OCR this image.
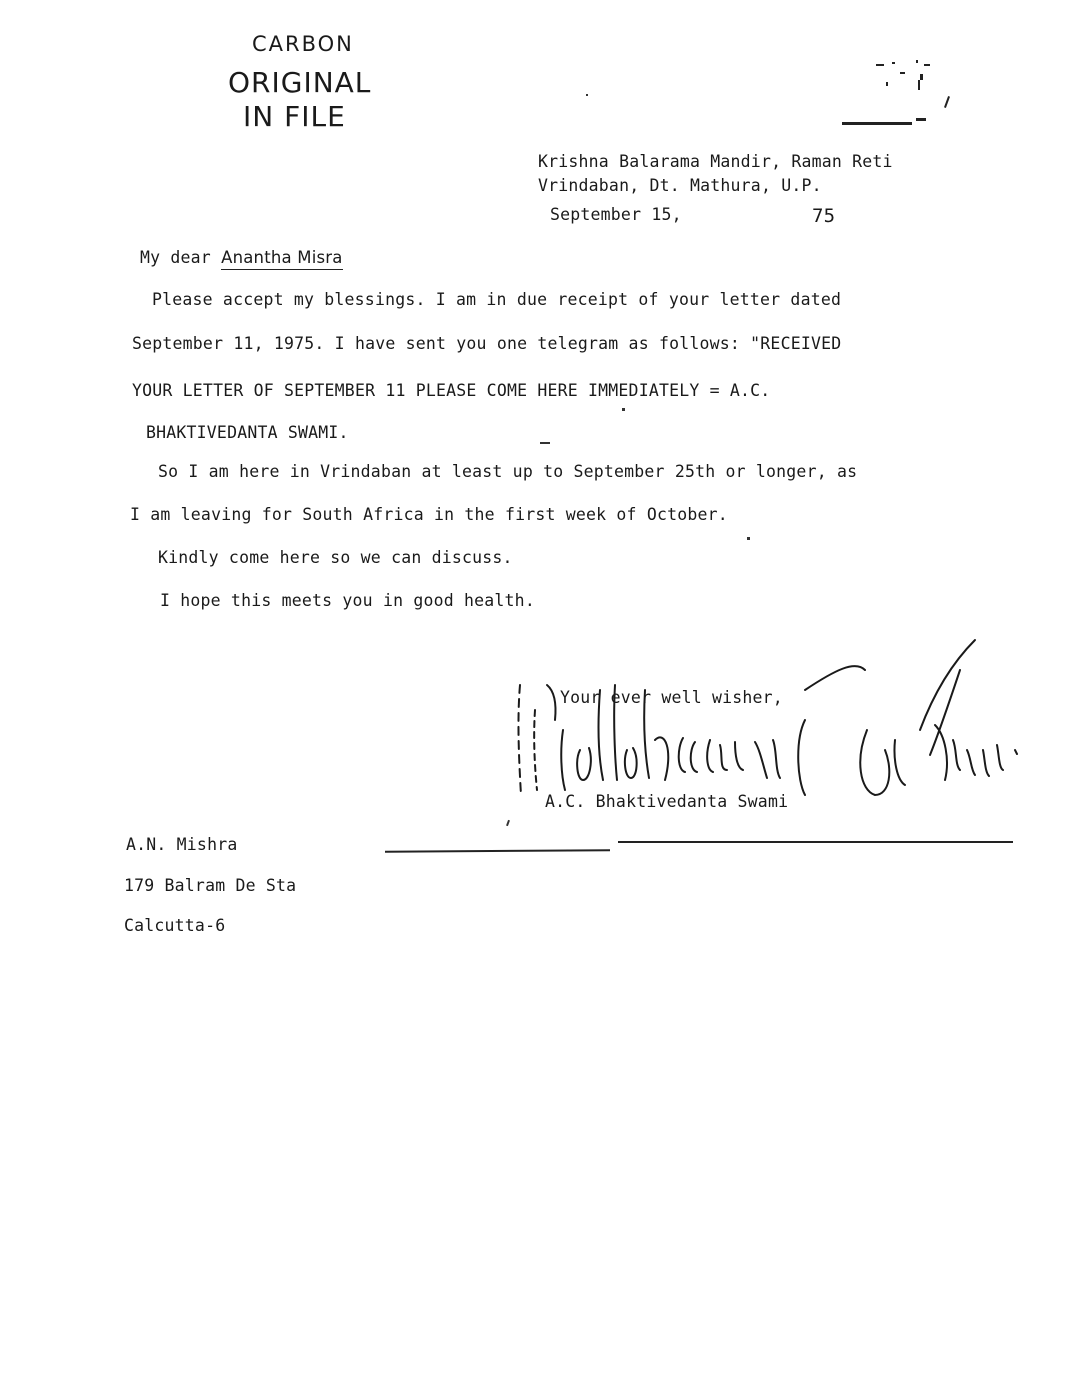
CARBON
ORIGINAL
IN FILE
Krishna Balarama Mandir, Raman Reti
Vrindaban, Dt. Mathura, U.P.
September 15,	75
My dear Anantha Misra
Please accept my blessings. I am in due receipt of your letter dated
September 11, 1975. I have sent you one telegram as follows: "RECEIVED
YOUR LETTER OF SEPTEMBER 11 PLEASE COME HERE IMMEDIATELY = A.C.
BHAKTIVEDANTA SWAMI.
So I am here in Vrindaban at least up to September 25th or longer, as
I am leaving for South Africa in the first week of October.
Kindly come here so we can discuss.
I hope this meets you in good health.
Your ever well wisher,
A.C. Bhaktivedanta Swami
A.N. Mishra
179 Balram De Sta
Calcutta-6
